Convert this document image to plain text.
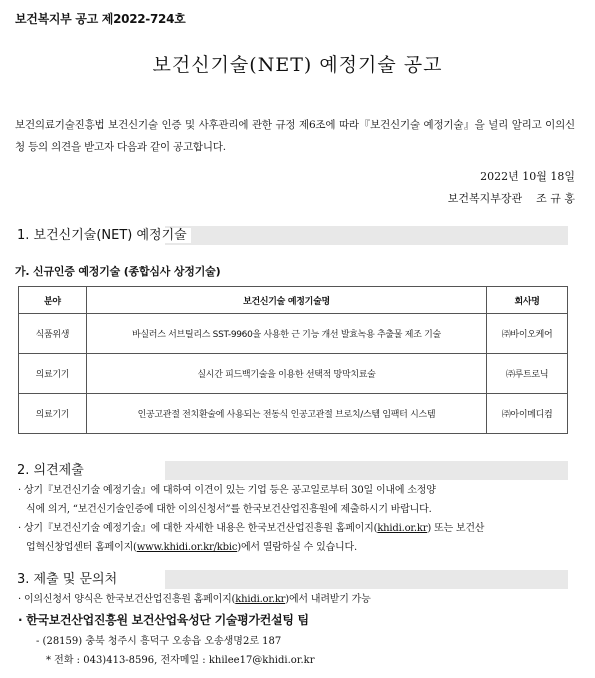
보건복지부 공고 제2022-724호
보건신기술(NET) 예정기술 공고

보건의료기술진흥법 보건신기술 인증 및 사후관리에 관한 규정 제6조에 따라『보건신기술 예정기술』을 널리 알리고 이의신청 등의 의견을 받고자 다음과 같이 공고합니다.

2022년 10월 18일
보건복지부장관    조 규 홍
1. 보건신기술(NET) 예정기술
가. 신규인증 예정기술 (종합심사 상정기술)
분야	보건신기술 예정기술명	회사명
식품위생	바실러스 서브틸리스 SST-9960을 사용한 근 기능 개선 발효녹용 추출물 제조 기술	㈜바이오케어
의료기기	실시간 피드백기술을 이용한 선택적 망막치료술	㈜루트로닉
의료기기	인공고관절 전치환술에 사용되는 전동식 인공고관절 브로치/스템 임팩터 시스템	㈜아이메디컴
2. 의견제출
· 상기『보건신기술 예정기술』에 대하여 이견이 있는 기업 등은 공고일로부터 30일 이내에 소정양
식에 의거, “보건신기술인증에 대한 이의신청서”를 한국보건산업진흥원에 제출하시기 바랍니다.
· 상기『보건신기술 예정기술』에 대한 자세한 내용은 한국보건산업진흥원 홈페이지(khidi.or.kr) 또는 보건산
업혁신창업센터 홈페이지(www.khidi.or.kr/kbic)에서 열람하실 수 있습니다.
3. 제출 및 문의처
· 이의신청서 양식은 한국보건산업진흥원 홈페이지(khidi.or.kr)에서 내려받기 가능
· 한국보건산업진흥원 보건산업육성단 기술평가컨설팅 팀
- (28159) 충북 청주시 흥덕구 오송읍 오송생명2로 187
* 전화 : 043)413-8596, 전자메일 : khilee17@khidi.or.kr
